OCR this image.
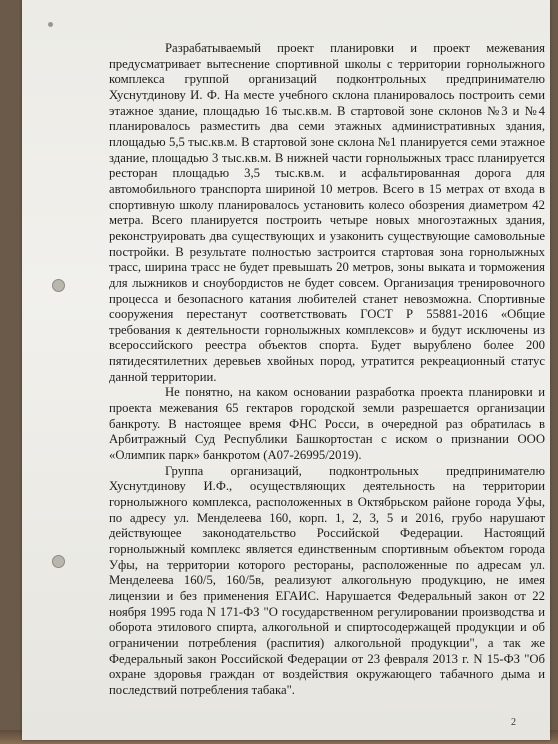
Разрабатываемый проект планировки и проект межевания предусматривает вытеснение спортивной школы с территории горнолыжного комплекса группой организаций подконтрольных предпринимателю Хуснутдинову И. Ф. На месте учебного склона планировалось построить семи этажное здание, площадью 16 тыс.кв.м. В стартовой зоне склонов №3 и №4 планировалось разместить два семи этажных административных здания, площадью 5,5 тыс.кв.м. В стартовой зоне склона №1 планируется семи этажное здание, площадью 3 тыс.кв.м. В нижней части горнолыжных трасс планируется ресторан площадью 3,5 тыс.кв.м. и асфальтированная дорога для автомобильного транспорта шириной 10 метров. Всего в 15 метрах от входа в спортивную школу планировалось установить колесо обозрения диаметром 42 метра. Всего планируется построить четыре новых многоэтажных здания, реконструировать два существующих и узаконить существующие самовольные постройки. В результате полностью застроится стартовая зона горнолыжных трасс, ширина трасс не будет превышать 20 метров, зоны выката и торможения для лыжников и сноубордистов не будет совсем. Организация тренировочного процесса и безопасного катания любителей станет невозможна. Спортивные сооружения перестанут соответствовать ГОСТ Р 55881-2016 «Общие требования к деятельности горнолыжных комплексов» и будут исключены из всероссийского реестра объектов спорта. Будет вырублено более 200 пятидесятилетних деревьев хвойных пород, утратится рекреационный статус данной территории.

Не понятно, на каком основании разработка проекта планировки и проекта межевания 65 гектаров городской земли разрешается организации банкроту. В настоящее время ФНС Росси, в очередной раз обратилась в Арбитражный Суд Республики Башкортостан с иском о признании ООО «Олимпик парк» банкротом (А07-26995/2019).

Группа организаций, подконтрольных предпринимателю Хуснутдинову И.Ф., осуществляющих деятельность на территории горнолыжного комплекса, расположенных в Октябрьском районе города Уфы, по адресу ул. Менделеева 160, корп. 1, 2, 3, 5 и 2016, грубо нарушают действующее законодательство Российской Федерации. Настоящий горнолыжный комплекс является единственным спортивным объектом города Уфы, на территории которого рестораны, расположенные по адресам ул. Менделеева 160/5, 160/5в, реализуют алкогольную продукцию, не имея лицензии и без применения ЕГАИС. Нарушается Федеральный закон от 22 ноября 1995 года N 171-ФЗ "О государственном регулировании производства и оборота этилового спирта, алкогольной и спиртосодержащей продукции и об ограничении потребления (распития) алкогольной продукции", а так же Федеральный закон Российской Федерации от 23 февраля 2013 г. N 15-ФЗ "Об охране здоровья граждан от воздействия окружающего табачного дыма и последствий потребления табака".

2
